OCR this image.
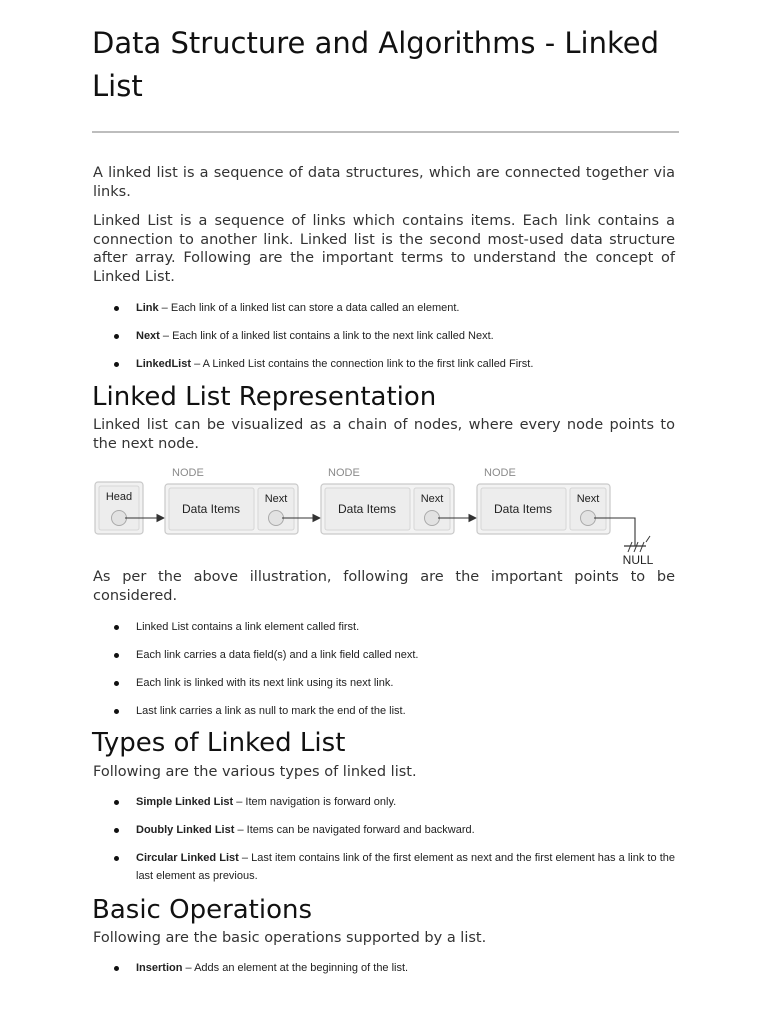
Data Structure and Algorithms - Linked List

A linked list is a sequence of data structures, which are connected together via links.

Linked List is a sequence of links which contains items. Each link contains a connection to another link. Linked list is the second most-used data structure after array. Following are the important terms to understand the concept of Linked List.

Link – Each link of a linked list can store a data called an element.
Next – Each link of a linked list contains a link to the next link called Next.
LinkedList – A Linked List contains the connection link to the first link called First.
Linked List Representation

Linked list can be visualized as a chain of nodes, where every node points to the next node.

As per the above illustration, following are the important points to be considered.

Linked List contains a link element called first.
Each link carries a data field(s) and a link field called next.
Each link is linked with its next link using its next link.
Last link carries a link as null to mark the end of the list.
Types of Linked List

Following are the various types of linked list.

Simple Linked List – Item navigation is forward only.
Doubly Linked List – Items can be navigated forward and backward.
Circular Linked List – Last item contains link of the first element as next and the first element has a link to the last element as previous.
Basic Operations

Following are the basic operations supported by a list.

Insertion – Adds an element at the beginning of the list.
Head
NODE
Data Items
Next
NODE
Data Items
Next
NODE
Data Items
Next
NULL
